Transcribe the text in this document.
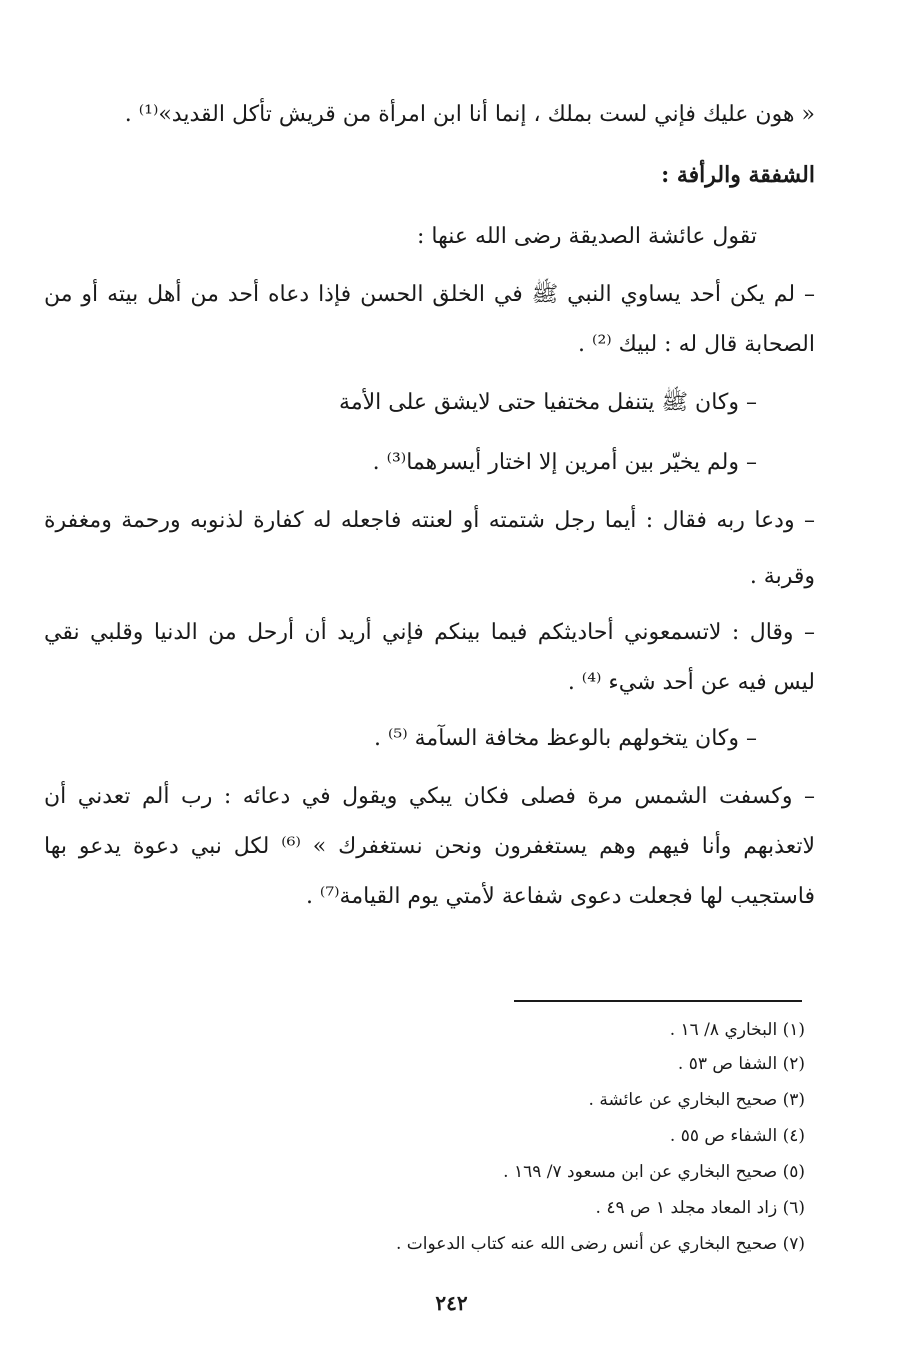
« هون عليك فإني لست بملك ، إنما أنا ابن امرأة من قريش تأكل القديد»⁽¹⁾ .
الشفقة والرأفة :
تقول عائشة الصديقة رضى الله عنها :
– لم يكن أحد يساوي النبي ﷺ في الخلق الحسن فإذا دعاه أحد من أهل بيته أو من
الصحابة قال له : لبيك ⁽²⁾ .
– وكان ﷺ يتنفل مختفيا حتى لايشق على الأمة
– ولم يخيّر بين أمرين إلا اختار أيسرهما⁽³⁾ .
– ودعا ربه فقال : أيما رجل شتمته أو لعنته فاجعله له كفارة لذنوبه ورحمة ومغفرة
وقربة .
– وقال : لاتسمعوني أحاديثكم فيما بينكم فإني أريد أن أرحل من الدنيا وقلبي نقي
ليس فيه عن أحد شيء ⁽⁴⁾ .
– وكان يتخولهم بالوعظ مخافة السآمة ⁽⁵⁾ .
– وكسفت الشمس مرة فصلى فكان يبكي ويقول في دعائه : رب ألم تعدني أن
لاتعذبهم وأنا فيهم وهم يستغفرون ونحن نستغفرك » ⁽⁶⁾ لكل نبي دعوة يدعو بها
فاستجيب لها فجعلت دعوى شفاعة لأمتي يوم القيامة⁽⁷⁾ .
(١) البخاري ٨/ ١٦ .
(٢) الشفا ص ٥٣ .
(٣) صحيح البخاري عن عائشة .
(٤) الشفاء ص ٥٥ .
(٥) صحيح البخاري عن ابن مسعود ٧/ ١٦٩ .
(٦) زاد المعاد مجلد ١ ص ٤٩ .
(٧) صحيح البخاري عن أنس رضى الله عنه كتاب الدعوات .
٢٤٢
